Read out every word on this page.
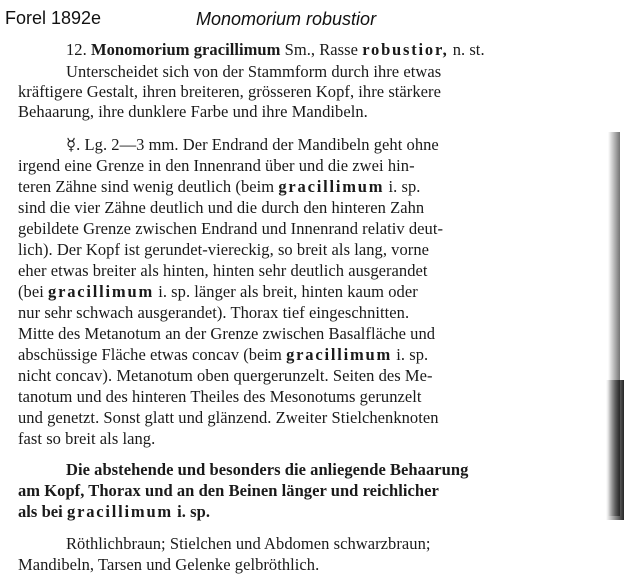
Forel 1892e	Monomorium robustior
12. Monomorium gracillimum Sm., Rasse robustior, n. st.
Unterscheidet sich von der Stammform durch ihre etwas
kräftigere Gestalt, ihren breiteren, grösseren Kopf, ihre stärkere
Behaarung, ihre dunklere Farbe und ihre Mandibeln.
☿. Lg. 2—3 mm. Der Endrand der Mandibeln geht ohne
irgend eine Grenze in den Innenrand über und die zwei hin-
teren Zähne sind wenig deutlich (beim gracillimum i. sp.
sind die vier Zähne deutlich und die durch den hinteren Zahn
gebildete Grenze zwischen Endrand und Innenrand relativ deut-
lich). Der Kopf ist gerundet-viereckig, so breit als lang, vorne
eher etwas breiter als hinten, hinten sehr deutlich ausgerandet
(bei gracillimum i. sp. länger als breit, hinten kaum oder
nur sehr schwach ausgerandet). Thorax tief eingeschnitten.
Mitte des Metanotum an der Grenze zwischen Basalfläche und
abschüssige Fläche etwas concav (beim gracillimum i. sp.
nicht concav). Metanotum oben quergerunzelt. Seiten des Me-
tanotum und des hinteren Theiles des Mesonotums gerunzelt
und genetzt. Sonst glatt und glänzend. Zweiter Stielchenknoten
fast so breit als lang.
Die abstehende und besonders die anliegende Behaarung
am Kopf, Thorax und an den Beinen länger und reichlicher
als bei gracillimum i. sp.
Röthlichbraun; Stielchen und Abdomen schwarzbraun;
Mandibeln, Tarsen und Gelenke gelbröthlich.
